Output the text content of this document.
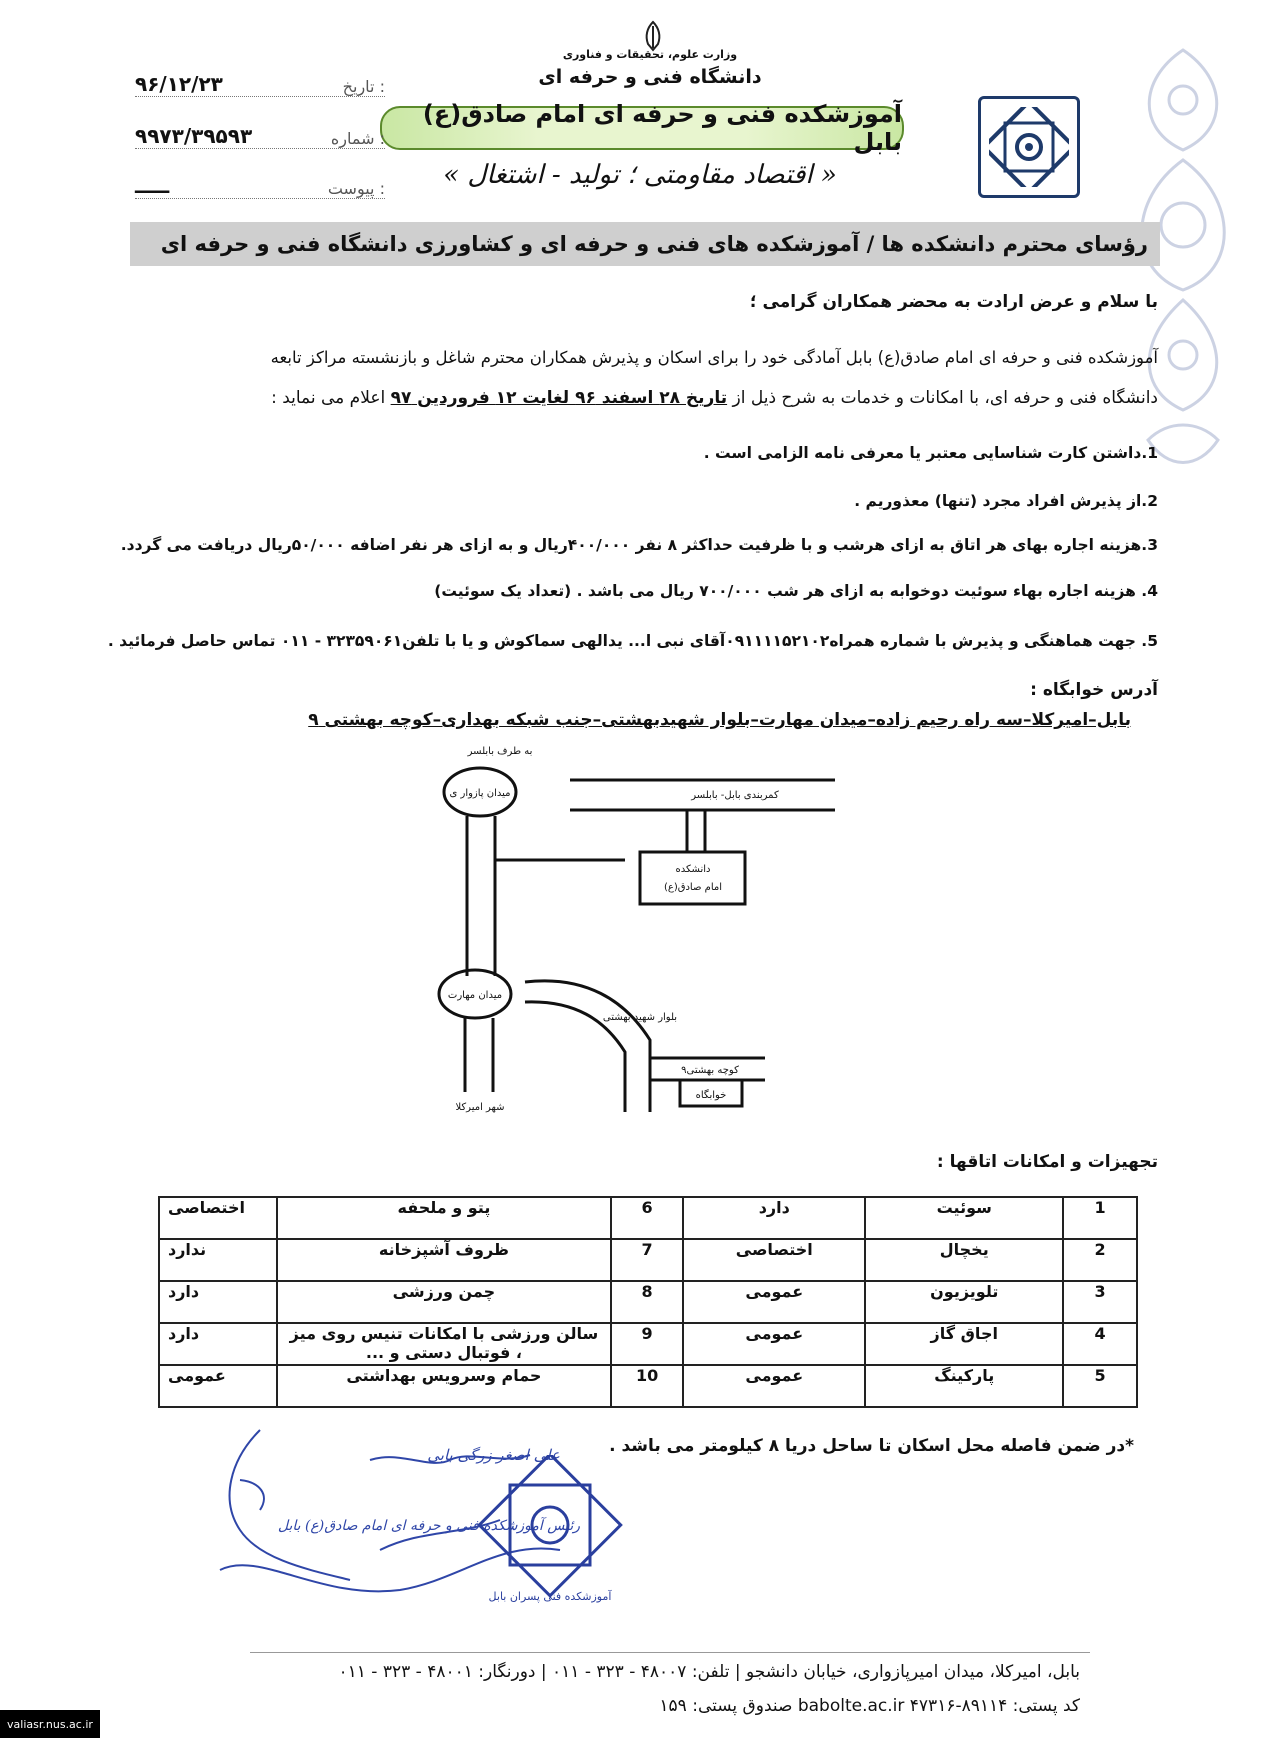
وزارت علوم، تحقیقات و فناوری
دانشگاه فنی و حرفه ای
آموزشکده فنی و حرفه ای امام صادق(ع) بابل
« اقتصاد مقاومتی ؛ تولید - اشتغال »
۹۶/۱۲/۲۳	تاریخ :
۹۹۷۳/۳۹۵۹۳	شماره :
ـــــ	پیوست :
رؤسای محترم دانشکده ها / آموزشکده های فنی و حرفه ای و کشاورزی دانشگاه فنی و حرفه ای
با سلام و عرض ارادت به محضر همکاران گرامی ؛
آموزشکده فنی و حرفه ای امام صادق(ع) بابل آمادگی خود را برای اسکان و پذیرش همکاران محترم شاغل و بازنشسته مراکز تابعه
دانشگاه فنی و حرفه ای، با امکانات و خدمات به شرح ذیل از تاریخ ۲۸ اسفند ۹۶ لغایت ۱۲ فروردین ۹۷ اعلام می نماید :
1.داشتن کارت شناسایی معتبر یا معرفی نامه الزامی است .
2.از پذیرش افراد مجرد (تنها) معذوریم .
3.هزینه اجاره بهای هر اتاق به ازای هرشب و با ظرفیت حداکثر ۸ نفر ۴۰۰/۰۰۰ریال و به ازای هر نفر اضافه ۵۰/۰۰۰ریال دریافت می گردد.
4. هزینه اجاره بهاء سوئیت دوخوابه به ازای هر شب ۷۰۰/۰۰۰ ریال می باشد . (تعداد یک سوئیت)
5. جهت هماهنگی و پذیرش با شماره همراه۰۹۱۱۱۱۵۲۱۰۲آقای نبی ا... یدالهی سماکوش و یا با تلفن۳۲۳۵۹۰۶۱ - ۰۱۱ تماس حاصل فرمائید .
آدرس خوابگاه :
بابل–امیرکلا–سه راه رحیم زاده–میدان مهارت–بلوار شهیدبهشتی–جنب شبکه بهداری–کوچه بهشتی ۹
به طرف بابلسر
میدان پازوار ی	کمربندی بابل- بابلسر
دانشکده
امام صادق(ع)
میدان مهارت
بلوار شهید بهشتی
کوچه بهشتی۹
خوابگاه
شهر امیرکلا
تجهیزات و امکانات اتاقها :
1	سوئیت	دارد	6	پتو و ملحفه	اختصاصی
2	یخچال	اختصاصی	7	ظروف آشپزخانه	ندارد
3	تلویزیون	عمومی	8	چمن ورزشی	دارد
4	اجاق گاز	عمومی	9	سالن ورزشی با امکانات تنیس روی میز ، فوتبال دستی و ...	دارد
5	پارکینگ	عمومی	10	حمام وسرویس بهداشتی	عمومی
*در ضمن فاصله محل اسکان تا ساحل دریا ۸ کیلومتر می باشد .
علی اصغر زرگی بابی
رئیس آموزشکده فنی و حرفه ای امام صادق(ع) بابل
آموزشکده فنی پسران بابل
بابل، امیرکلا، میدان امیرپازواری، خیابان دانشجو | تلفن: ۴۸۰۰۷ - ۳۲۳ - ۰۱۱ | دورنگار: ۴۸۰۰۱ - ۳۲۳ - ۰۱۱
کد پستی: ۸۹۱۱۴-۴۷۳۱۶ babolte.ac.ir صندوق پستی: ۱۵۹
valiasr.nus.ac.ir
